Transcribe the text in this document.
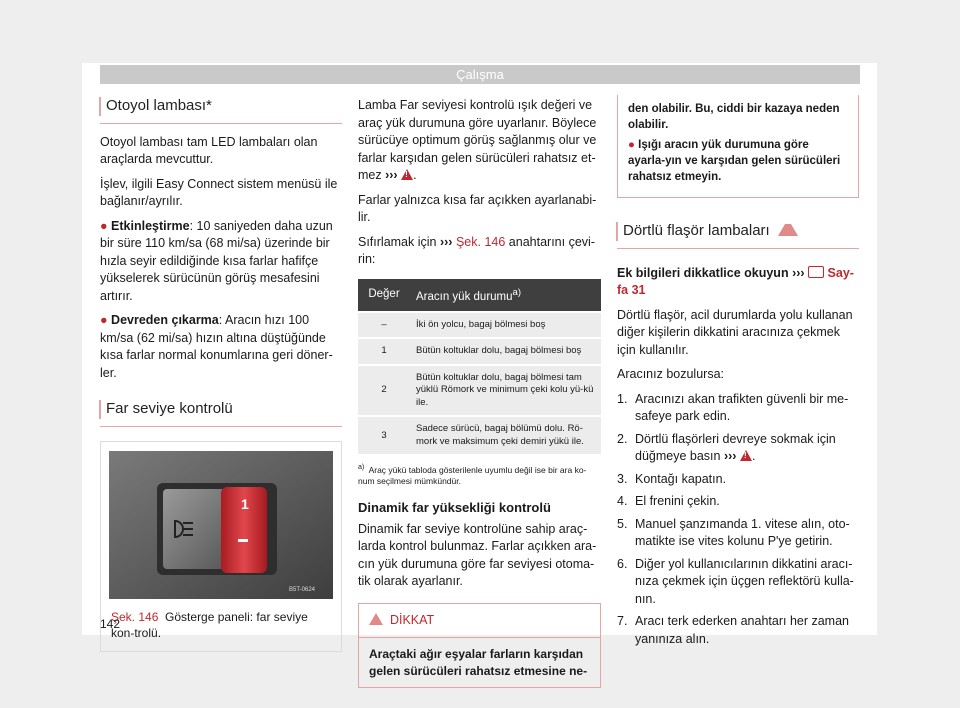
Çalışma
Otoyol lambası*

Otoyol lambası tam LED lambaları olan araçlarda mevcuttur.

İşlev, ilgili Easy Connect sistem menüsü ile bağlanır/ayrılır.

● Etkinleştirme: 10 saniyeden daha uzun bir süre 110 km/sa (68 mi/sa) üzerinde bir hızla seyir edildiğinde kısa farlar hafifçe yükselerek sürücünün görüş mesafesini artırır.

● Devreden çıkarma: Aracın hızı 100 km/sa (62 mi/sa) hızın altına düştüğünde kısa farlar normal konumlarına geri döner-ler.

Far seviye kontrolü
1
B5T-0624
Şek. 146 Gösterge paneli: far seviye kon-trolü.

Lamba Far seviyesi kontrolü ışık değeri ve araç yük durumuna göre uyarlanır. Böylece sürücüye optimum görüş sağlanmış olur ve farlar karşıdan gelen sürücüleri rahatsız et-mez ››› ! .

Farlar yalnızca kısa far açıkken ayarlanabi-lir.

Sıfırlamak için ››› Şek. 146 anahtarını çevi-rin:

Değer	Aracın yük durumu$^{a)}$
–	İki ön yolcu, bagaj bölmesi boş
1	Bütün koltuklar dolu, bagaj bölmesi boş
2	Bütün koltuklar dolu, bagaj bölmesi tam yüklü Römork ve minimum çeki kolu yü-kü ile.
3	Sadece sürücü, bagaj bölümü dolu. Rö-mork ve maksimum çeki demiri yükü ile.
$^{a)}$ Araç yükü tabloda gösterilenle uyumlu değil ise bir ara ko-num seçilmesi mümkündür.
Dinamik far yüksekliği kontrolü

Dinamik far seviye kontrolüne sahip araç-larda kontrol bulunmaz. Farlar açıkken ara-cın yük durumuna göre far seviyesi otoma-tik olarak ayarlanır.

DİKKAT
Araçtaki ağır eşyalar farların karşıdan gelen sürücüleri rahatsız etmesine ne-
den olabilir. Bu, ciddi bir kazaya neden olabilir.
● Işığı aracın yük durumuna göre ayarla-yın ve karşıdan gelen sürücüleri rahatsız etmeyin.
Dörtlü flaşör lambaları

Ek bilgileri dikkatlice okuyun ››› Say-fa 31

Dörtlü flaşör, acil durumlarda yolu kullanan diğer kişilerin dikkatini aracınıza çekmek için kullanılır.

Aracınız bozulursa:

1. Aracınızı akan trafikten güvenli bir me-safeye park edin.
2. Dörtlü flaşörleri devreye sokmak için düğmeye basın ››› ! .
3. Kontağı kapatın.
4. El frenini çekin.
5. Manuel şanzımanda 1. vitese alın, oto-matikte ise vites kolunu P'ye getirin.
6. Diğer yol kullanıcılarının dikkatini aracı-nıza çekmek için üçgen reflektörü kulla-nın.
7. Aracı terk ederken anahtarı her zaman yanınıza alın.
142
